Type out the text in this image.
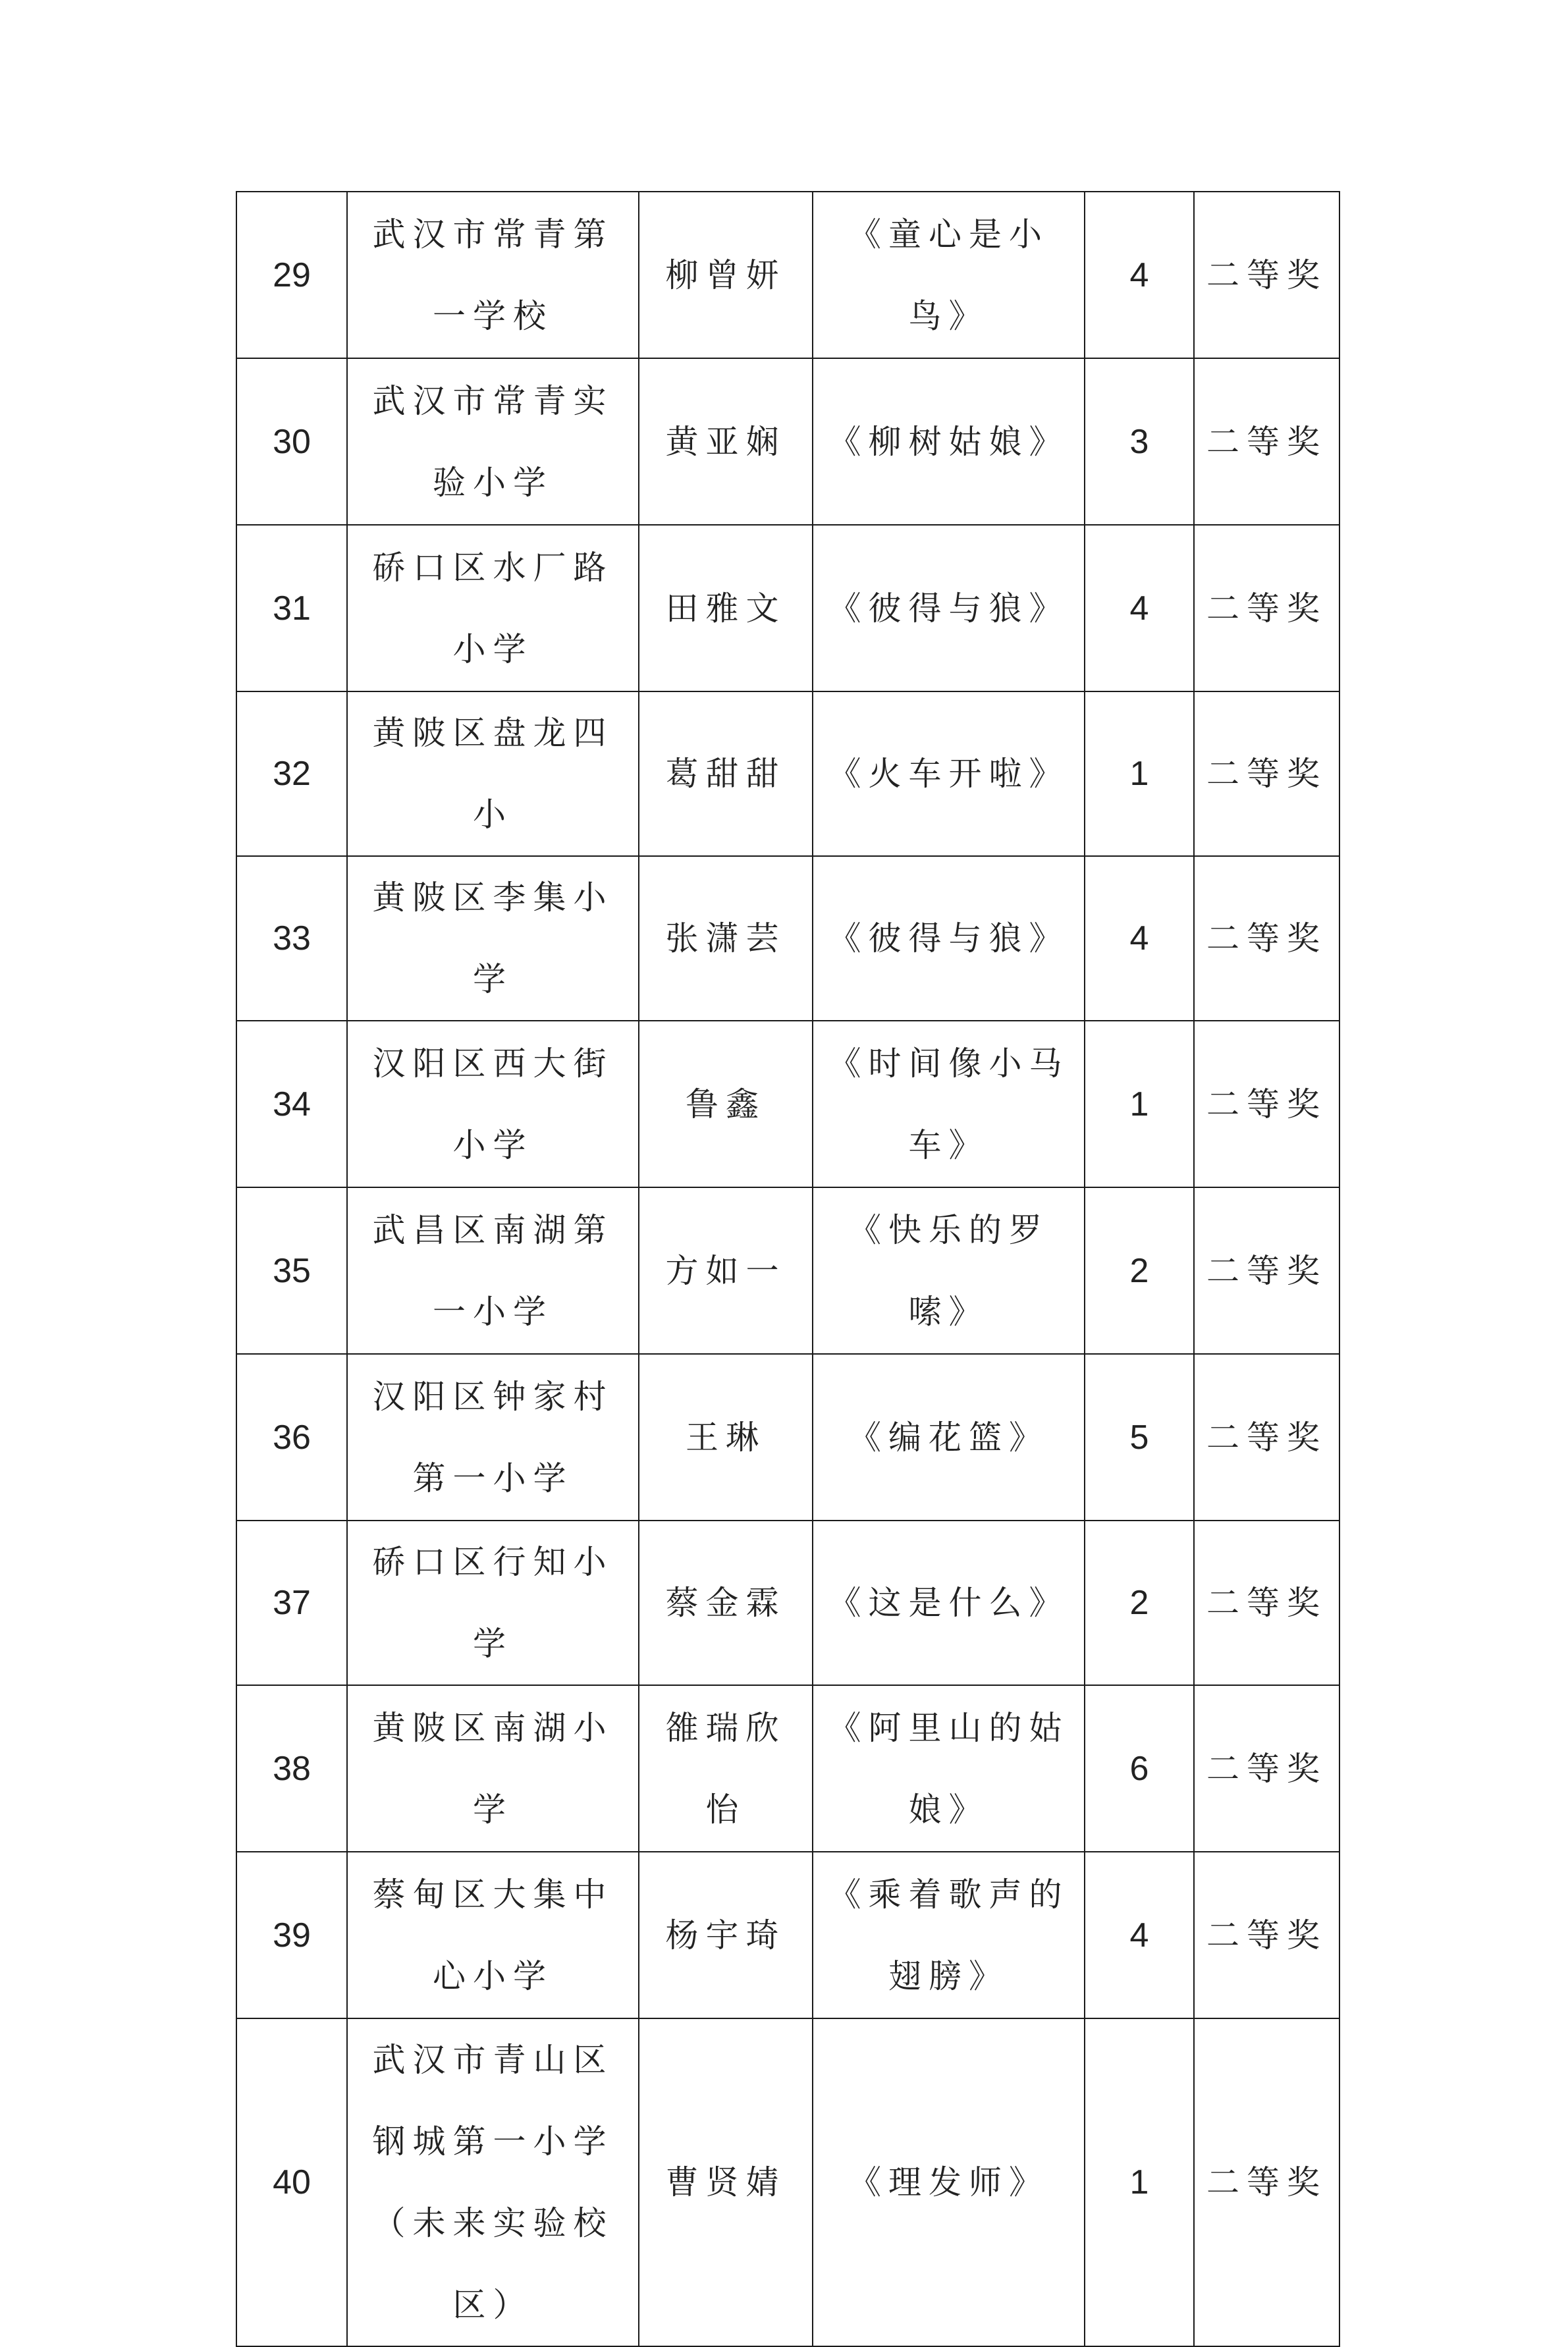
29	武汉市常青第一学校	柳曾妍	《童心是小鸟》	4	二等奖
30	武汉市常青实验小学	黄亚娴	《柳树姑娘》	3	二等奖
31	硚口区水厂路小学	田雅文	《彼得与狼》	4	二等奖
32	黄陂区盘龙四小	葛甜甜	《火车开啦》	1	二等奖
33	黄陂区李集小学	张潇芸	《彼得与狼》	4	二等奖
34	汉阳区西大街小学	鲁鑫	《时间像小马车》	1	二等奖
35	武昌区南湖第一小学	方如一	《快乐的罗嗦》	2	二等奖
36	汉阳区钟家村第一小学	王琳	《编花篮》	5	二等奖
37	硚口区行知小学	蔡金霖	《这是什么》	2	二等奖
38	黄陂区南湖小学	雒瑞欣怡	《阿里山的姑娘》	6	二等奖
39	蔡甸区大集中心小学	杨宇琦	《乘着歌声的翅膀》	4	二等奖
40	武汉市青山区钢城第一小学（未来实验校区）	曹贤婧	《理发师》	1	二等奖
